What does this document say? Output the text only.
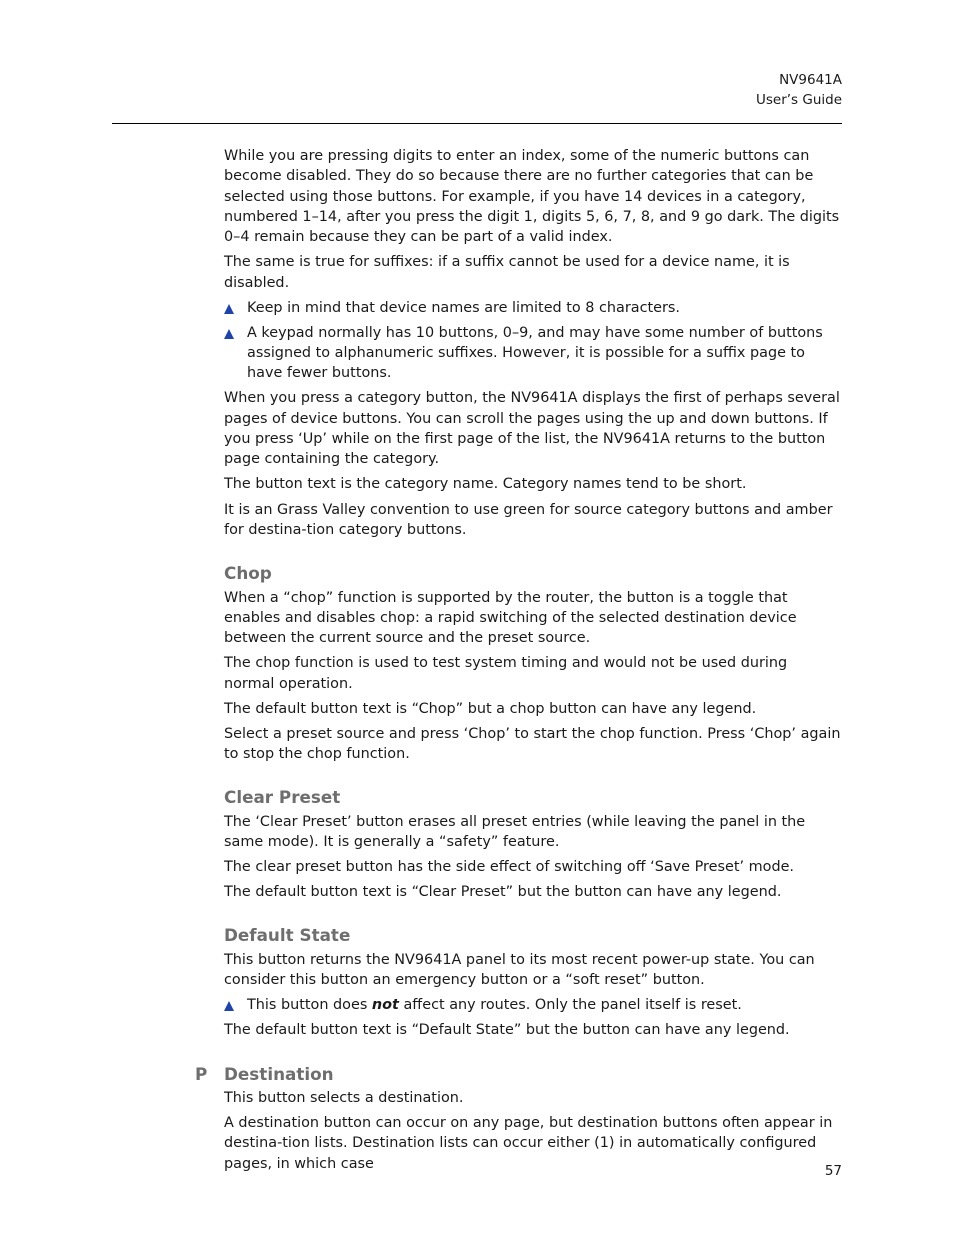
NV9641A
User’s Guide

While you are pressing digits to enter an index, some of the numeric buttons can become disabled. They do so because there are no further categories that can be selected using those buttons. For example, if you have 14 devices in a category, numbered 1–14, after you press the digit 1, digits 5, 6, 7, 8, and 9 go dark. The digits 0–4 remain because they can be part of a valid index.

The same is true for suffixes: if a suffix cannot be used for a device name, it is disabled.

Keep in mind that device names are limited to 8 characters.
A keypad normally has 10 buttons, 0–9, and may have some number of buttons assigned to alphanumeric suffixes. However, it is possible for a suffix page to have fewer buttons.

When you press a category button, the NV9641A displays the first of perhaps several pages of device buttons. You can scroll the pages using the up and down buttons. If you press ‘Up’ while on the first page of the list, the NV9641A returns to the button page containing the category.

The button text is the category name. Category names tend to be short.

It is an Grass Valley convention to use green for source category buttons and amber for destina-tion category buttons.

Chop

When a “chop” function is supported by the router, the button is a toggle that enables and disables chop: a rapid switching of the selected destination device between the current source and the preset source.

The chop function is used to test system timing and would not be used during normal operation.

The default button text is “Chop” but a chop button can have any legend.

Select a preset source and press ‘Chop’ to start the chop function. Press ‘Chop’ again to stop the chop function.

Clear Preset

The ‘Clear Preset’ button erases all preset entries (while leaving the panel in the same mode). It is generally a “safety” feature.

The clear preset button has the side effect of switching off ‘Save Preset’ mode.

The default button text is “Clear Preset” but the button can have any legend.

Default State

This button returns the NV9641A panel to its most recent power-up state. You can consider this button an emergency button or a “soft reset” button.

This button does not affect any routes. Only the panel itself is reset.

The default button text is “Default State” but the button can have any legend.

P Destination

This button selects a destination.

A destination button can occur on any page, but destination buttons often appear in destina-tion lists. Destination lists can occur either (1) in automatically configured pages, in which case	57
